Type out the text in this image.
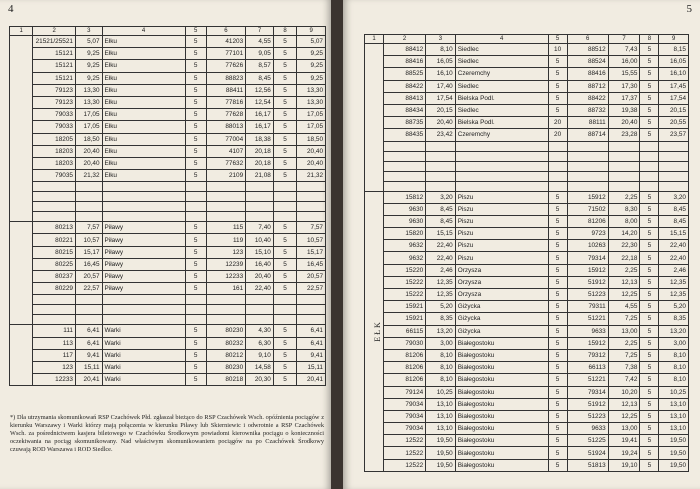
4
1	2	3	4	5	6	7	8	9
	21521/25521	5,07	Ełku	5	41203	4,55	5	5,07
	15121	9,25	Ełku	5	77101	9,05	5	9,25
	15121	9,25	Ełku	5	77626	8,57	5	9,25
	15121	9,25	Ełku	5	88823	8,45	5	9,25
	79123	13,30	Ełku	5	88411	12,56	5	13,30
	79123	13,30	Ełku	5	77816	12,54	5	13,30
	79033	17,05	Ełku	5	77628	16,17	5	17,05
	79033	17,05	Ełku	5	88013	16,17	5	17,05
	18205	18,50	Ełku	5	77004	18,38	5	18,50
	18203	20,40	Ełku	5	4107	20,18	5	20,40
	18203	20,40	Ełku	5	77632	20,18	5	20,40
	79035	21,32	Ełku	5	2109	21,08	5	21,32

	80213	7,57	Piławy	5	115	7,40	5	7,57
	80221	10,57	Piławy	5	119	10,40	5	10,57
	80215	15,17	Piławy	5	123	15,10	5	15,17
	80225	16,45	Piławy	5	12239	16,40	5	16,45
	80237	20,57	Piławy	5	12233	20,40	5	20,57
	80229	22,57	Piławy	5	161	22,40	5	22,57

	111	6,41	Warki	5	80230	4,30	5	6,41
	113	6,41	Warki	5	80232	6,30	5	6,41
	117	9,41	Warki	5	80212	9,10	5	9,41
	123	15,11	Warki	5	80230	14,58	5	15,11
	12233	20,41	Warki	5	80218	20,30	5	20,41
*) Dla utrzymania skomunikowań RSP Czachówek Płd. zgłaszał bieżąco do RSP Czachówek Wsch. opóźnienia pociągów z kierunku Warszawy i Warki którzy mają połączenia w kierunku Piławy lub Skierniewic i odwrotnie a RSP Czachówek Wsch. za pośrednictwem kasjera biletowego w Czachówku Środkowym powiadomi kierownika pociągu o konieczności oczekiwania na pociąg skomunikowany. Nad właściwym skomunikowaniem pociągów na po Czachówek Środkowy czuwają ROD Warszawa i ROD Siedlce.
5
1	2	3	4	5	6	7	8	9
	88412	8,10	Siedlec	10	88512	7,43	5	8,15
	88416	16,05	Siedlec	5	88524	16,00	5	16,05
	88525	16,10	Czeremchy	5	88416	15,55	5	16,10
	88422	17,40	Siedlec	5	88712	17,30	5	17,45
	88413	17,54	Bielska Podl.	5	88422	17,37	5	17,54
	88434	20,15	Siedlec	5	88732	19,38	5	20,15
	88735	20,40	Bielska Podl.	20	88111	20,40	5	20,55
	88435	23,42	Czeremchy	20	88714	23,28	5	23,57

EŁK	15812	3,20	Piszu	5	15912	2,25	5	3,20
	9630	8,45	Piszu	5	71502	8,30	5	8,45
	9630	8,45	Piszu	5	81206	8,00	5	8,45
	15820	15,15	Piszu	5	9723	14,20	5	15,15
	9632	22,40	Piszu	5	10263	22,30	5	22,40
	9632	22,40	Piszu	5	79314	22,18	5	22,40
	15220	2,46	Orzysza	5	15912	2,25	5	2,46
	15222	12,35	Orzysza	5	51912	12,13	5	12,35
	15222	12,35	Orzysza	5	51223	12,25	5	12,35
	15921	5,20	Giżycka	5	79311	4,55	5	5,20
	15921	8,35	Giżycka	5	51221	7,25	5	8,35
	66115	13,20	Giżycka	5	9633	13,00	5	13,20
	79030	3,00	Białegostoku	5	15912	2,25	5	3,00
	81206	8,10	Białegostoku	5	79312	7,25	5	8,10
	81206	8,10	Białegostoku	5	66113	7,38	5	8,10
	81206	8,10	Białegostoku	5	51221	7,42	5	8,10
	79124	10,25	Białegostoku	5	79314	10,20	5	10,25
	79034	13,10	Białegostoku	5	51912	12,13	5	13,10
	79034	13,10	Białegostoku	5	51223	12,25	5	13,10
	79034	13,10	Białegostoku	5	9633	13,00	5	13,10
	12522	19,50	Białegostoku	5	51225	19,41	5	19,50
	12522	19,50	Białegostoku	5	51924	19,24	5	19,50
	12522	19,50	Białegostoku	5	51813	19,10	5	19,50
